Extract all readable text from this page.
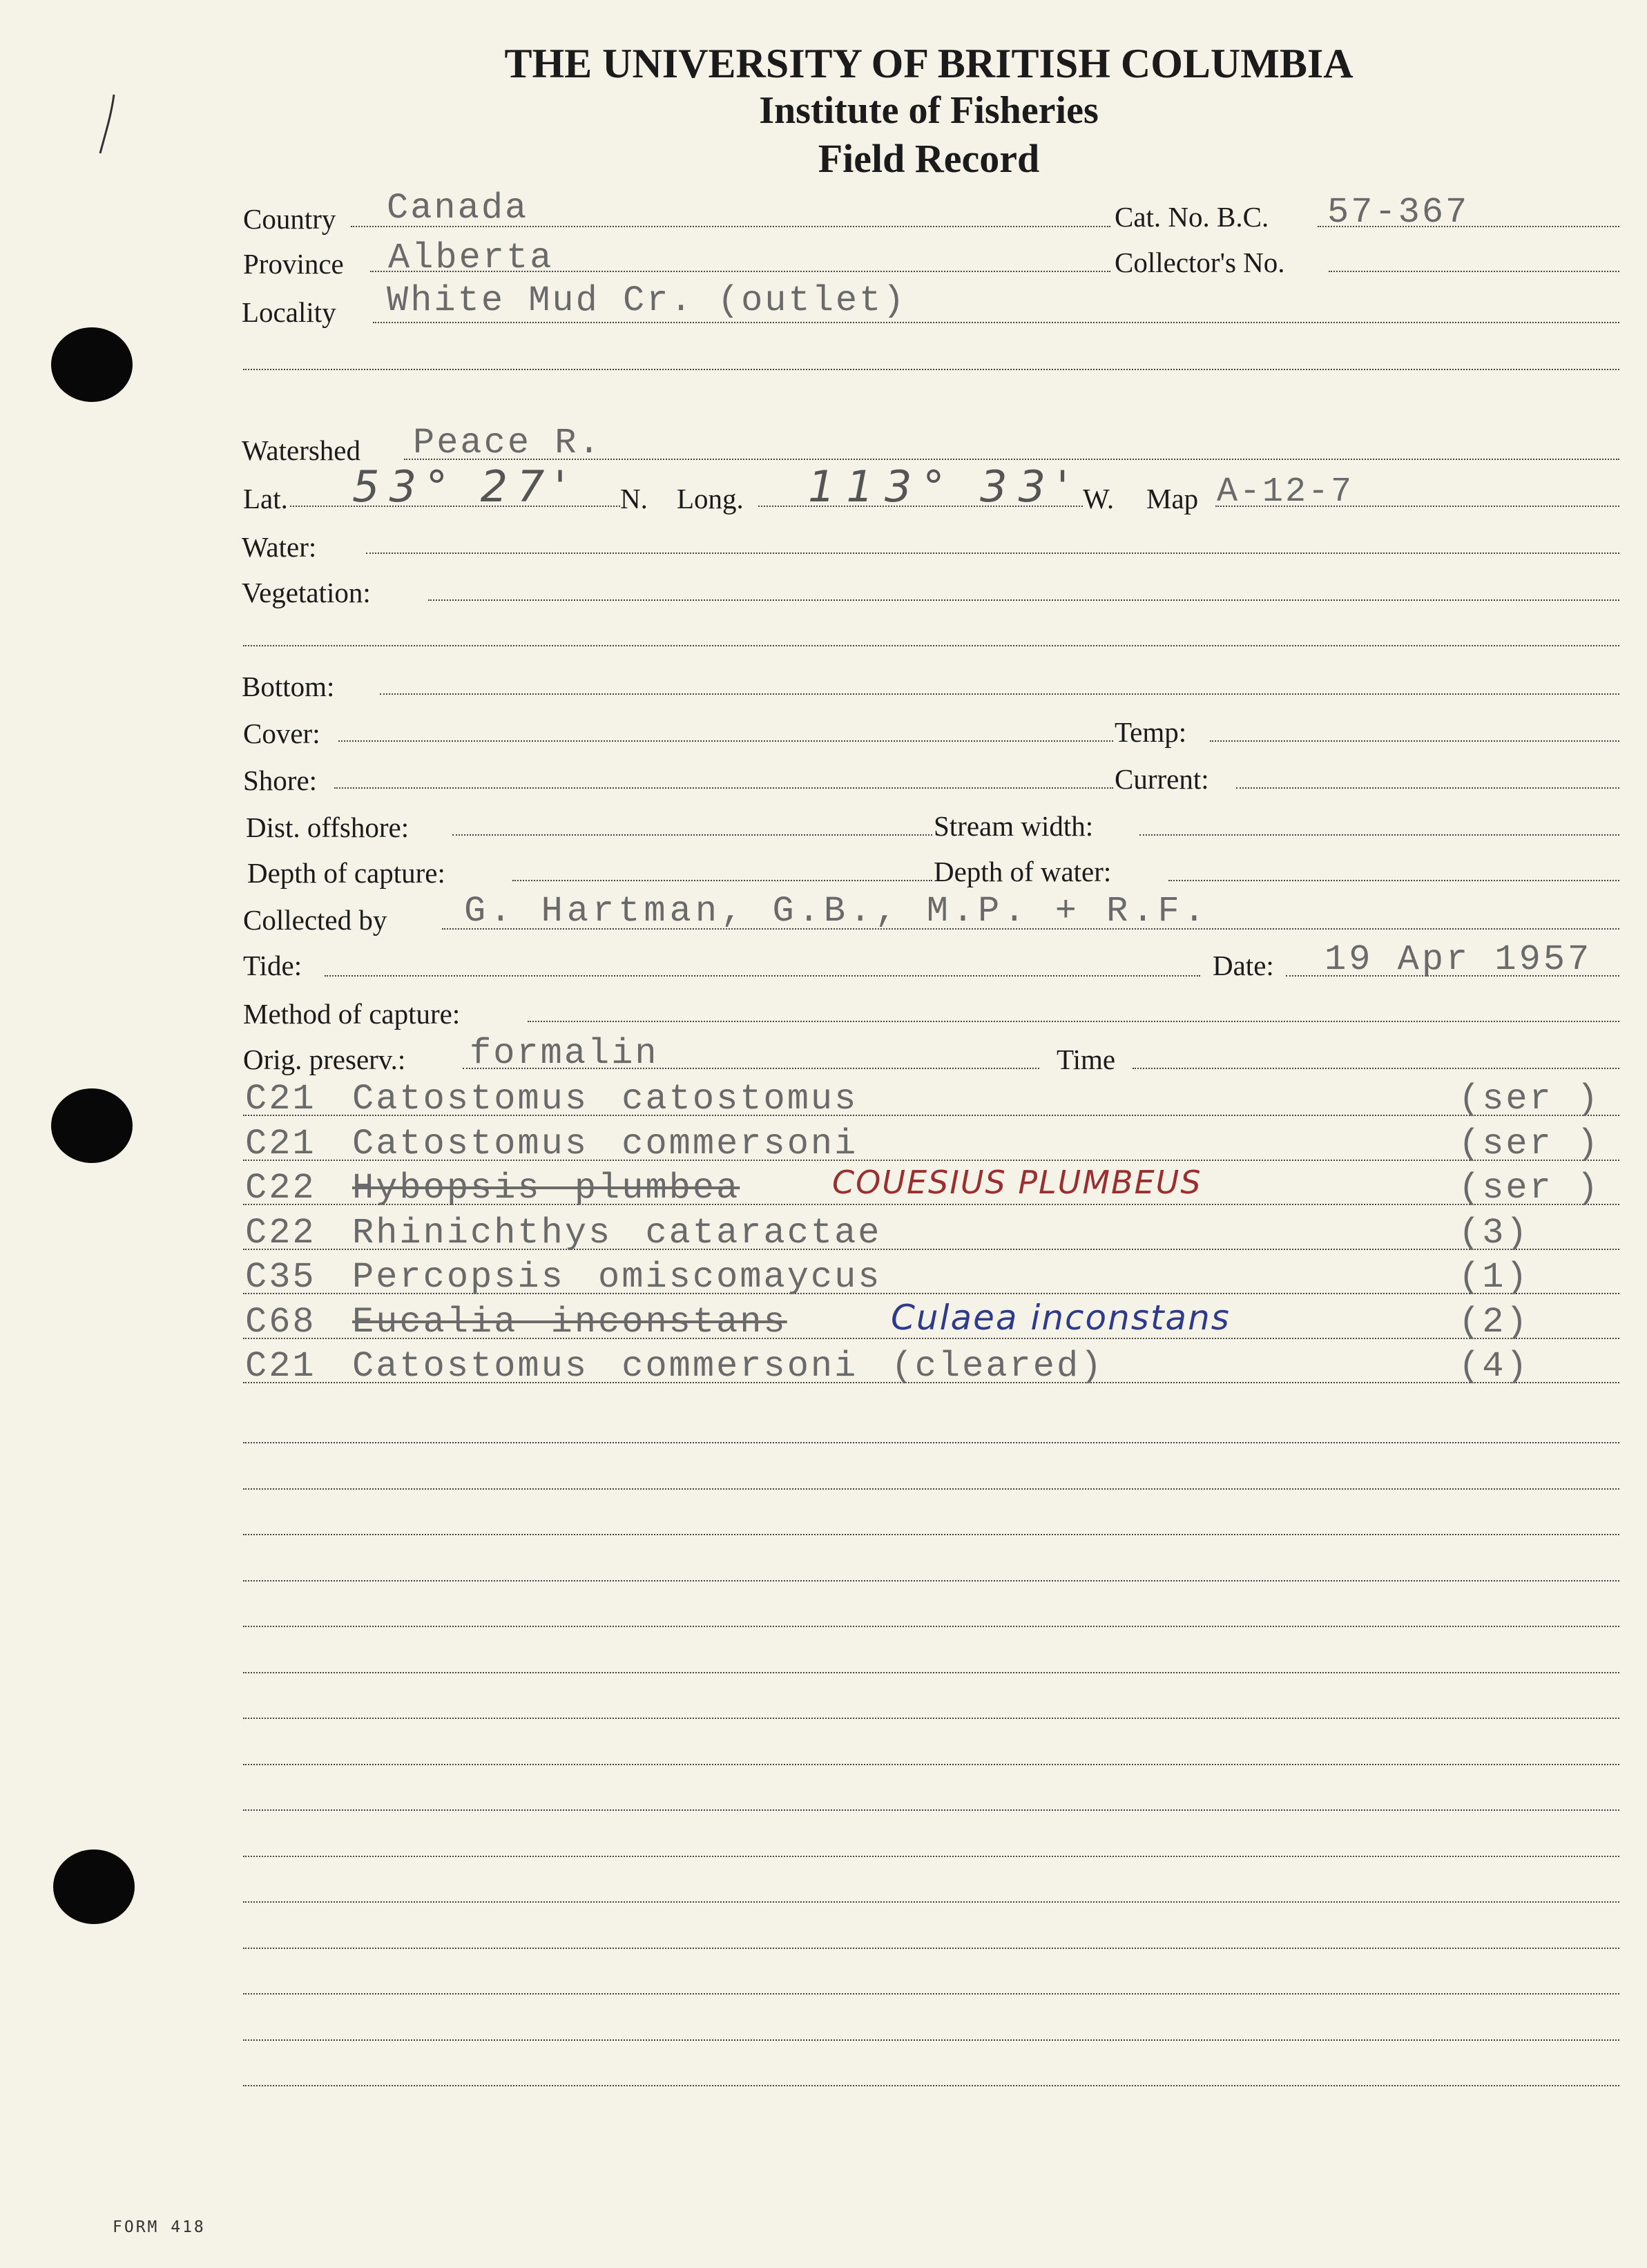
THE UNIVERSITY OF BRITISH COLUMBIA
Institute of Fisheries
Field Record
Country Canada	Cat. No. B.C. 57-367
Province Alberta	Collector's No.
Locality White Mud Cr. (outlet)
Watershed Peace R.
Lat. 53° 27' N. Long. 113° 33' W. Map A-12-7
Water:
Vegetation:
Bottom:
Cover:	Temp:
Shore:	Current:
Dist. offshore:	Stream width:
Depth of capture:	Depth of water:
Collected by G. Hartman, G.B., M.P. + R.F.
Tide:	Date: 19 Apr 1957
Method of capture:
Orig. preserv.: formalin	Time
FORM 418
C21 Catostomus catostomus	(ser )
C21 Catostomus commersoni	(ser )
C22 Hybopsis plumbea	COUESIUS PLUMBEUS	(ser )
C22 Rhinichthys cataractae	(3)
C35 Percopsis omiscomaycus	(1)
C68 Eucalia inconstans	Culaea inconstans	(2)
C21 Catostomus commersoni (cleared)	(4)
